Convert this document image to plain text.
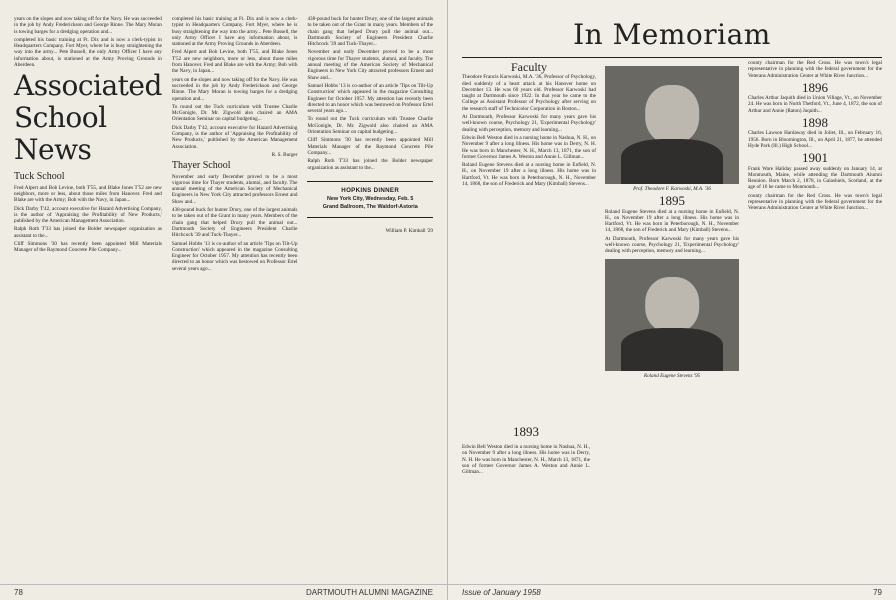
years on the slopes and now taking off for the Navy. He was succeeded in the job by Andy Frederickson and George Rinne. The Mary Moran is towing barges for a dredging operation and...

completed his basic training at Ft. Dix and is now a clerk-typist in Headquarters Company. Fort Myer, where he is busy straightening the way into the army... Pete Bussell, the only Army Officer I have any information about, is stationed at the Army Proving Grounds in Aberdeen.

Associated School News
Tuck School

Fred Alpert and Bob Levine, both T'55, and Blake Jones T'52 are new neighbors, more or less, about those miles from Hanover. Fred and Blake are with the Army; Bob with the Navy, in Japan...

Dick Darby T'42, account executive for Hazard Advertising Company, is the author of 'Appraising the Profitability of New Products,' published by the American Management Association.

Ralph Roth T'33 has joined the Bolder newspaper organization as assistant to the...

Cliff Simmons '30 has recently been appointed Mill Materials Manager of the Raymond Concrete Pile Company...

completed his basic training at Ft. Dix and is now a clerk-typist in Headquarters Company. Fort Myer, where he is busy straightening the way into the army... Pete Bussell, the only Army Officer I have any information about, is stationed at the Army Proving Grounds in Aberdeen.

Fred Alpert and Bob Levine, both T'55, and Blake Jones T'52 are new neighbors, more or less, about those miles from Hanover. Fred and Blake are with the Army; Bob with the Navy, in Japan...

years on the slopes and now taking off for the Navy. He was succeeded in the job by Andy Frederickson and George Rinne. The Mary Moran is towing barges for a dredging operation and...

To round out the Tuck curriculum with Trustee Charlie McGonigle, Dr. Mr. Zigwold also chaired an AMA Orientation Seminar on capital budgeting...

Dick Darby T'42, account executive for Hazard Advertising Company, is the author of 'Appraising the Profitability of New Products,' published by the American Management Association.

R. S. Burger
Thayer School

November and early December proved to be a most vigorous time for Thayer students, alumni, and faculty. The annual meeting of the American Society of Mechanical Engineers in New York City attracted professors Ernest and Shaw and...

438-pound buck for hunter Drury, one of the largest animals to be taken out of the Grant in many years. Members of the chain gang that helped Drury pull the animal out... Dartmouth Society of Engineers President Charlie Hitchcock '39 and Tuck-Thayer...

Samuel Hobbs '13 is co-author of an article 'Tips on Tilt-Up Construction' which appeared in the magazine Consulting Engineer for October 1957. My attention has recently been directed to an honor which was bestowed on Professor Ertel several years ago...

438-pound buck for hunter Drury, one of the largest animals to be taken out of the Grant in many years. Members of the chain gang that helped Drury pull the animal out... Dartmouth Society of Engineers President Charlie Hitchcock '39 and Tuck-Thayer...

November and early December proved to be a most vigorous time for Thayer students, alumni, and faculty. The annual meeting of the American Society of Mechanical Engineers in New York City attracted professors Ernest and Shaw and...

Samuel Hobbs '13 is co-author of an article 'Tips on Tilt-Up Construction' which appeared in the magazine Consulting Engineer for October 1957. My attention has recently been directed to an honor which was bestowed on Professor Ertel several years ago...

To round out the Tuck curriculum with Trustee Charlie McGonigle, Dr. Mr. Zigwold also chaired an AMA Orientation Seminar on capital budgeting...

Cliff Simmons '30 has recently been appointed Mill Materials Manager of the Raymond Concrete Pile Company...

Ralph Roth T'33 has joined the Bolder newspaper organization as assistant to the...

HOPKINS DINNER
New York City, Wednesday, Feb. 5
Grand Ballroom, The Waldorf-Astoria
William P. Kimball '29
78	DARTMOUTH ALUMNI MAGAZINE
In Memoriam
Faculty

Theodore Francis Karwoski, M.A. '36, Professor of Psychology, died suddenly of a heart attack at his Hanover home on December 13. He was 60 years old. Professor Karwoski had taught at Dartmouth since 1922. In that year he came to the College as Assistant Professor of Psychology after serving on the research staff of Technicolor Corporation in Boston...

At Dartmouth, Professor Karwoski for many years gave his well-known course, Psychology 21, 'Experimental Psychology' dealing with perception, memory and learning...

Edwin Bell Weston died in a nursing home in Nashua, N. H., on November 9 after a long illness. His home was in Derry, N. H. He was born in Manchester, N. H., March 13, 1871, the son of former Governor James A. Weston and Annie L. Gillman...

Roland Eugene Stevens died at a nursing home in Enfield, N. H., on November 19 after a long illness. His home was in Hartford, Vt. He was born in Peterborough, N. H., November 14, 1868, the son of Frederick and Mary (Kimball) Stevens...

Prof. Theodore F. Karwoski, M.A. '36
1895

Roland Eugene Stevens died at a nursing home in Enfield, N. H., on November 19 after a long illness. His home was in Hartford, Vt. He was born in Peterborough, N. H., November 14, 1868, the son of Frederick and Mary (Kimball) Stevens...

At Dartmouth, Professor Karwoski for many years gave his well-known course, Psychology 21, 'Experimental Psychology' dealing with perception, memory and learning...

Roland Eugene Stevens '95

county chairman for the Red Cross. He was town's legal representative in planning with the federal government for the Veterans Administration Center at White River Junction...

1896

Charles Arthur Jaquith died in Union Village, Vt., on November 24. He was born in North Thetford, Vt., June 4, 1872, the son of Arthur and Annie (Raton) Jaquith...

1898

Charles Lawson Hardaway died in Joliet, Ill., on February 16, 1956. Born in Bloomington, Ill., on April 21, 1877, he attended Hyde Park (Ill.) High School...

1901

Frank Ware Haliday passed away suddenly on January 14, at Monmouth, Maine, while attending the Dartmouth Alumni Reunion. Born March 2, 1878, in Galashiels, Scotland, at the age of 16 he came to Monmouth...

county chairman for the Red Cross. He was town's legal representative in planning with the federal government for the Veterans Administration Center at White River Junction...

1893

Edwin Bell Weston died in a nursing home in Nashua, N. H., on November 9 after a long illness. His home was in Derry, N. H. He was born in Manchester, N. H., March 13, 1871, the son of former Governor James A. Weston and Annie L. Gillman...

Issue of January 1958	79
